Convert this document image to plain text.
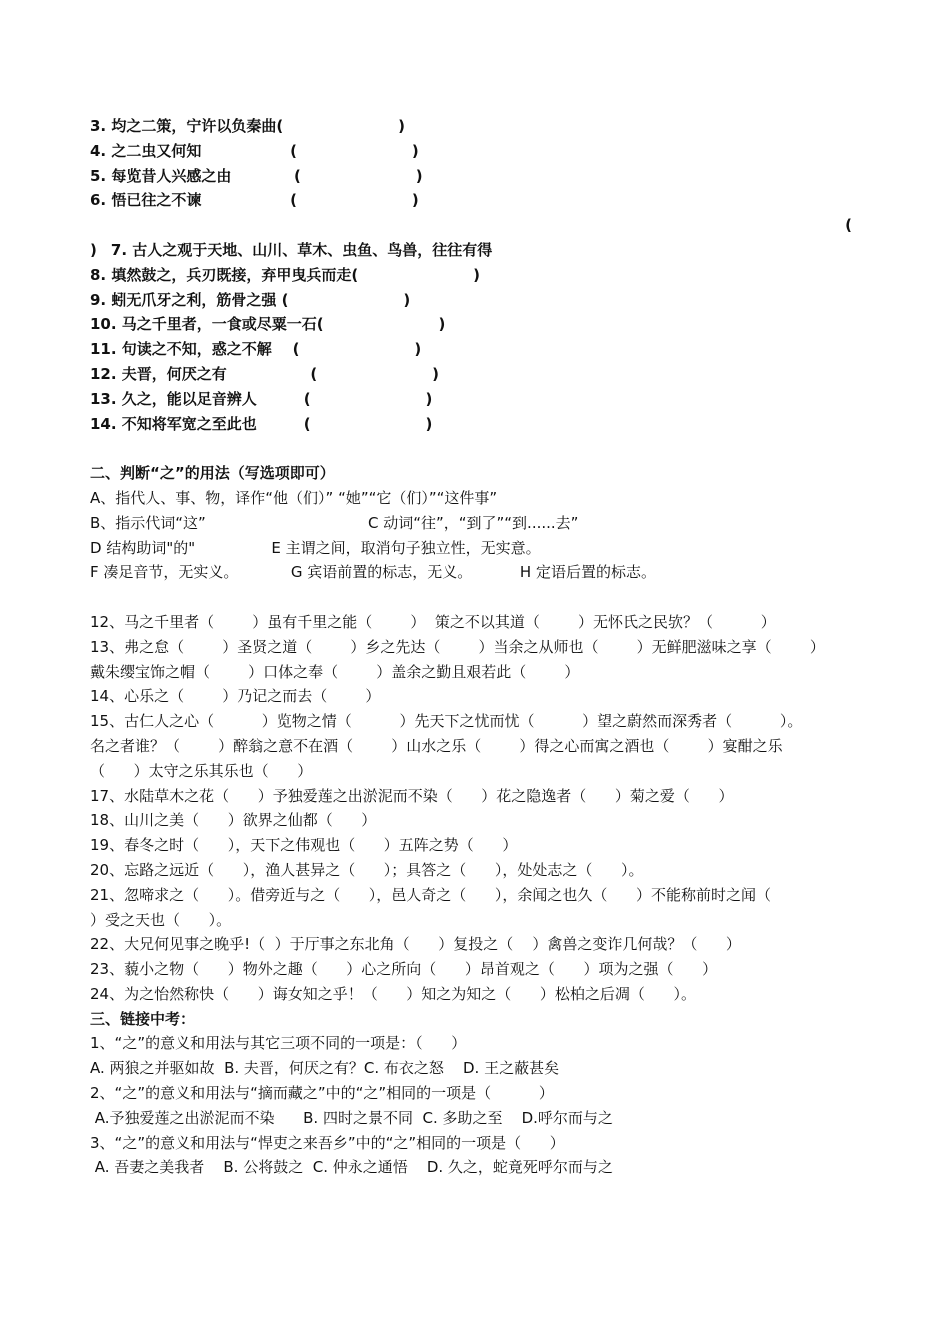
3. 均之二策，宁许以负秦曲(                      )
4. 之二虫又何知                 (                      )
5. 每览昔人兴感之由            (                      )
6. 悟已往之不谏                 (                      )

7. 古人之观于天地、山川、草木、虫鱼、鸟兽，往往有得

(

)
8. 填然鼓之，兵刃既接，弃甲曳兵而走(                      )
9. 蚓无爪牙之利，筋骨之强 (                      )
10. 马之千里者，一食或尽粟一石(                      )
11. 句读之不知，惑之不解    (                      )
12. 夫晋，何厌之有                (                      )
13. 久之，能以足音辨人         (                      )
14. 不知将军宽之至此也         (                      )
二、判断“之”的用法（写选项即可）
A、指代人、事、物，译作“他（们）” “她”“它（们）”“这件事”
B、指示代词“这”                                  C 动词“往”，“到了”“到......去”
D 结构助词"的"                E 主谓之间，取消句子独立性，无实意。
F 凑足音节，无实义。           G 宾语前置的标志，无义。          H 定语后置的标志。
12、马之千里者（        ）虽有千里之能（        ）  策之不以其道（        ）无怀氏之民欤？（          ）
13、弗之怠（        ）圣贤之道（        ）乡之先达（        ）当余之从师也（        ）无鲜肥滋味之享（        ）
戴朱缨宝饰之帽（        ）口体之奉（        ）盖余之勤且艰若此（        ）
14、心乐之（        ）乃记之而去（        ）
15、古仁人之心（          ）览物之情（          ）先天下之忧而忧（          ）望之蔚然而深秀者（          ）。
名之者谁？（        ）醉翁之意不在酒（        ）山水之乐（        ）得之心而寓之酒也（        ）宴酣之乐
（      ）太守之乐其乐也（      ）
17、水陆草木之花（      ）予独爱莲之出淤泥而不染（      ）花之隐逸者（      ）菊之爱（      ）
18、山川之美（      ）欲界之仙都（      ）
19、春冬之时（      ），天下之伟观也（      ）五阵之势（      ）
20、忘路之远近（      ），渔人甚异之（      ）；具答之（      ），处处志之（      ）。
21、忽啼求之（      ）。借旁近与之（      ），邑人奇之（      ），余闻之也久（      ）不能称前时之闻（
）受之天也（      ）。
22、大兄何见事之晚乎!（  ）于厅事之东北角（      ）复投之（    ）禽兽之变诈几何哉？（      ）
23、藐小之物（      ）物外之趣（      ）心之所向（      ）昂首观之（      ）项为之强（      ）
24、为之怡然称快（      ）诲女知之乎！（      ）知之为知之（      ）松柏之后凋（      ）。
三、链接中考：
1、“之”的意义和用法与其它三项不同的一项是：（      ）
A. 两狼之并驱如故  B. 夫晋，何厌之有？C. 布衣之怒    D. 王之蔽甚矣
2、“之”的意义和用法与“摘而藏之”中的“之”相同的一项是（          ）
A.予独爱莲之出淤泥而不染      B. 四时之景不同  C. 多助之至    D.呼尔而与之
3、“之”的意义和用法与“悍吏之来吾乡”中的“之”相同的一项是（      ）
A. 吾妻之美我者    B. 公将鼓之  C. 仲永之通悟    D. 久之，蛇竟死呼尔而与之
